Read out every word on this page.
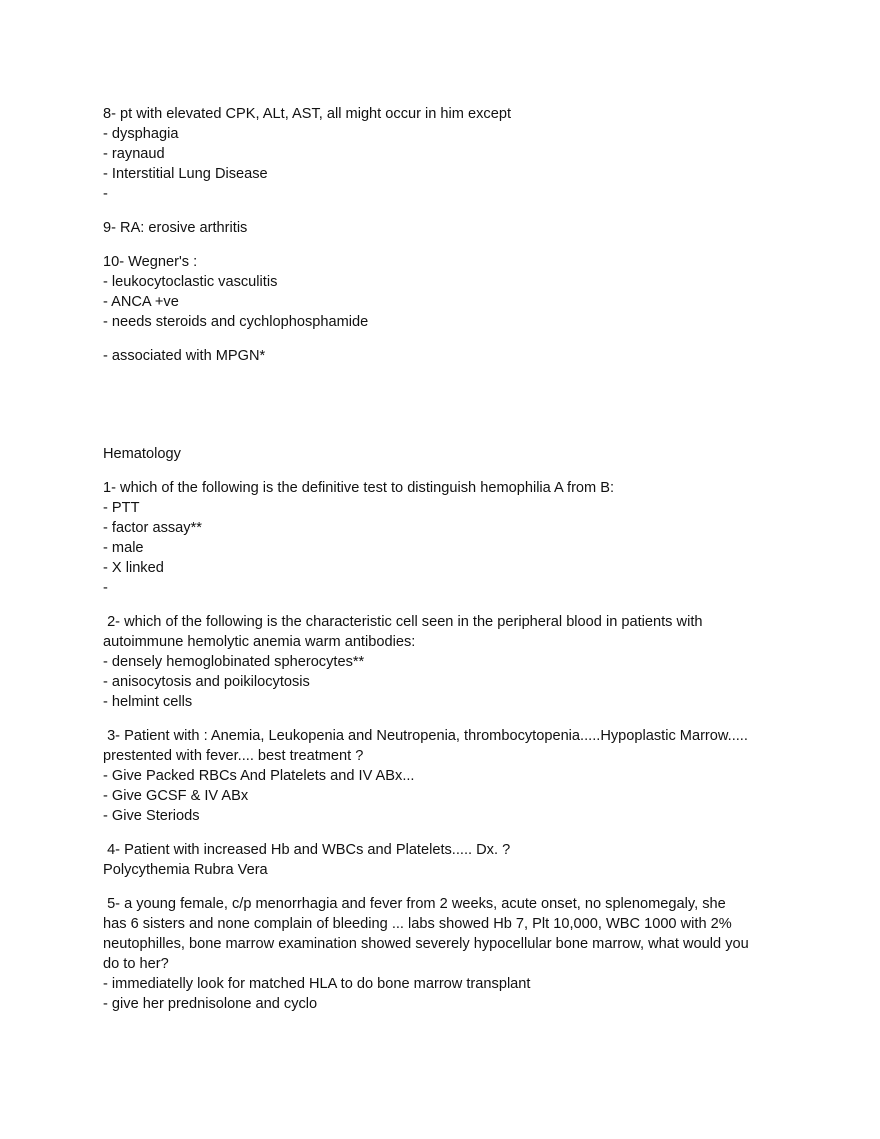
8- pt with elevated CPK, ALt, AST, all might occur in him except

- dysphagia

- raynaud

- Interstitial Lung Disease

-

9- RA: erosive arthritis

10- Wegner's :

- leukocytoclastic vasculitis

- ANCA +ve

- needs steroids and cychlophosphamide

- associated with MPGN*

Hematology

1- which of the following is the definitive test to distinguish hemophilia A from B:

- PTT

- factor assay**

- male

- X linked

-

2- which of the following is the characteristic cell seen in the peripheral blood in patients with

autoimmune hemolytic anemia warm antibodies:

- densely hemoglobinated spherocytes**

- anisocytosis and poikilocytosis

- helmint cells

3- Patient with : Anemia, Leukopenia and Neutropenia, thrombocytopenia.....Hypoplastic Marrow.....

prestented with fever.... best treatment ?

- Give Packed RBCs And Platelets and IV ABx...

- Give GCSF & IV ABx

- Give Steriods

4- Patient with increased Hb and WBCs and Platelets..... Dx. ?

Polycythemia Rubra Vera

5- a young female, c/p menorrhagia and fever from 2 weeks, acute onset, no splenomegaly, she

has 6 sisters and none complain of bleeding ... labs showed Hb 7, Plt 10,000, WBC 1000 with 2%

neutophilles, bone marrow examination showed severely hypocellular bone marrow, what would you

do to her?

- immediatelly look for matched HLA to do bone marrow transplant

- give her prednisolone and cyclo
